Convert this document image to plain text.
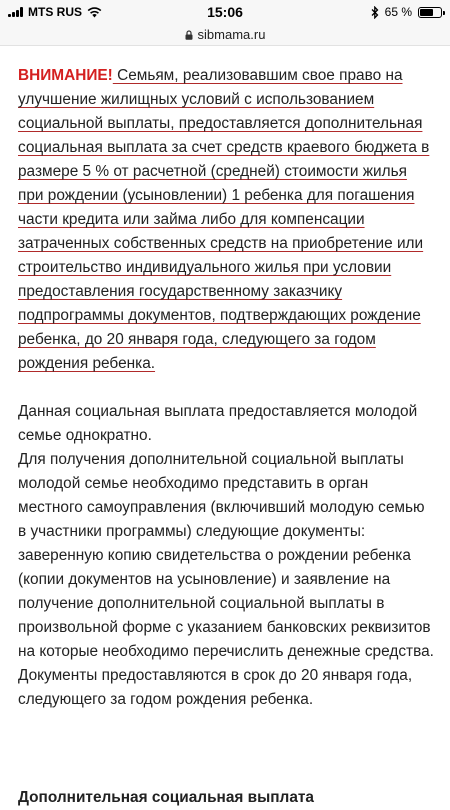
MTS RUS	15:06	65 %
sibmama.ru

ВНИМАНИЕ! Семьям, реализовавшим свое право на улучшение жилищных условий с использованием социальной выплаты, предоставляется дополнительная социальная выплата за счет средств краевого бюджета в размере 5 % от расчетной (средней) стоимости жилья при рождении (усыновлении) 1 ребенка для погашения части кредита или займа либо для компенсации затраченных собственных средств на приобретение или строительство индивидуального жилья при условии предоставления государственному заказчику подпрограммы документов, подтверждающих рождение ребенка, до 20 января года, следующего за годом рождения ребенка.

Данная социальная выплата предоставляется молодой семье однократно.

Для получения дополнительной социальной выплаты молодой семье необходимо представить в орган местного самоуправления (включивший молодую семью в участники программы) следующие документы: заверенную копию свидетельства о рождении ребенка (копии документов на усыновление) и заявление на получение дополнительной социальной выплаты в произвольной форме с указанием банковских реквизитов на которые необходимо перечислить денежные средства.

Документы предоставляются в срок до 20 января года, следующего за годом рождения ребенка.

Дополнительная социальная выплата
